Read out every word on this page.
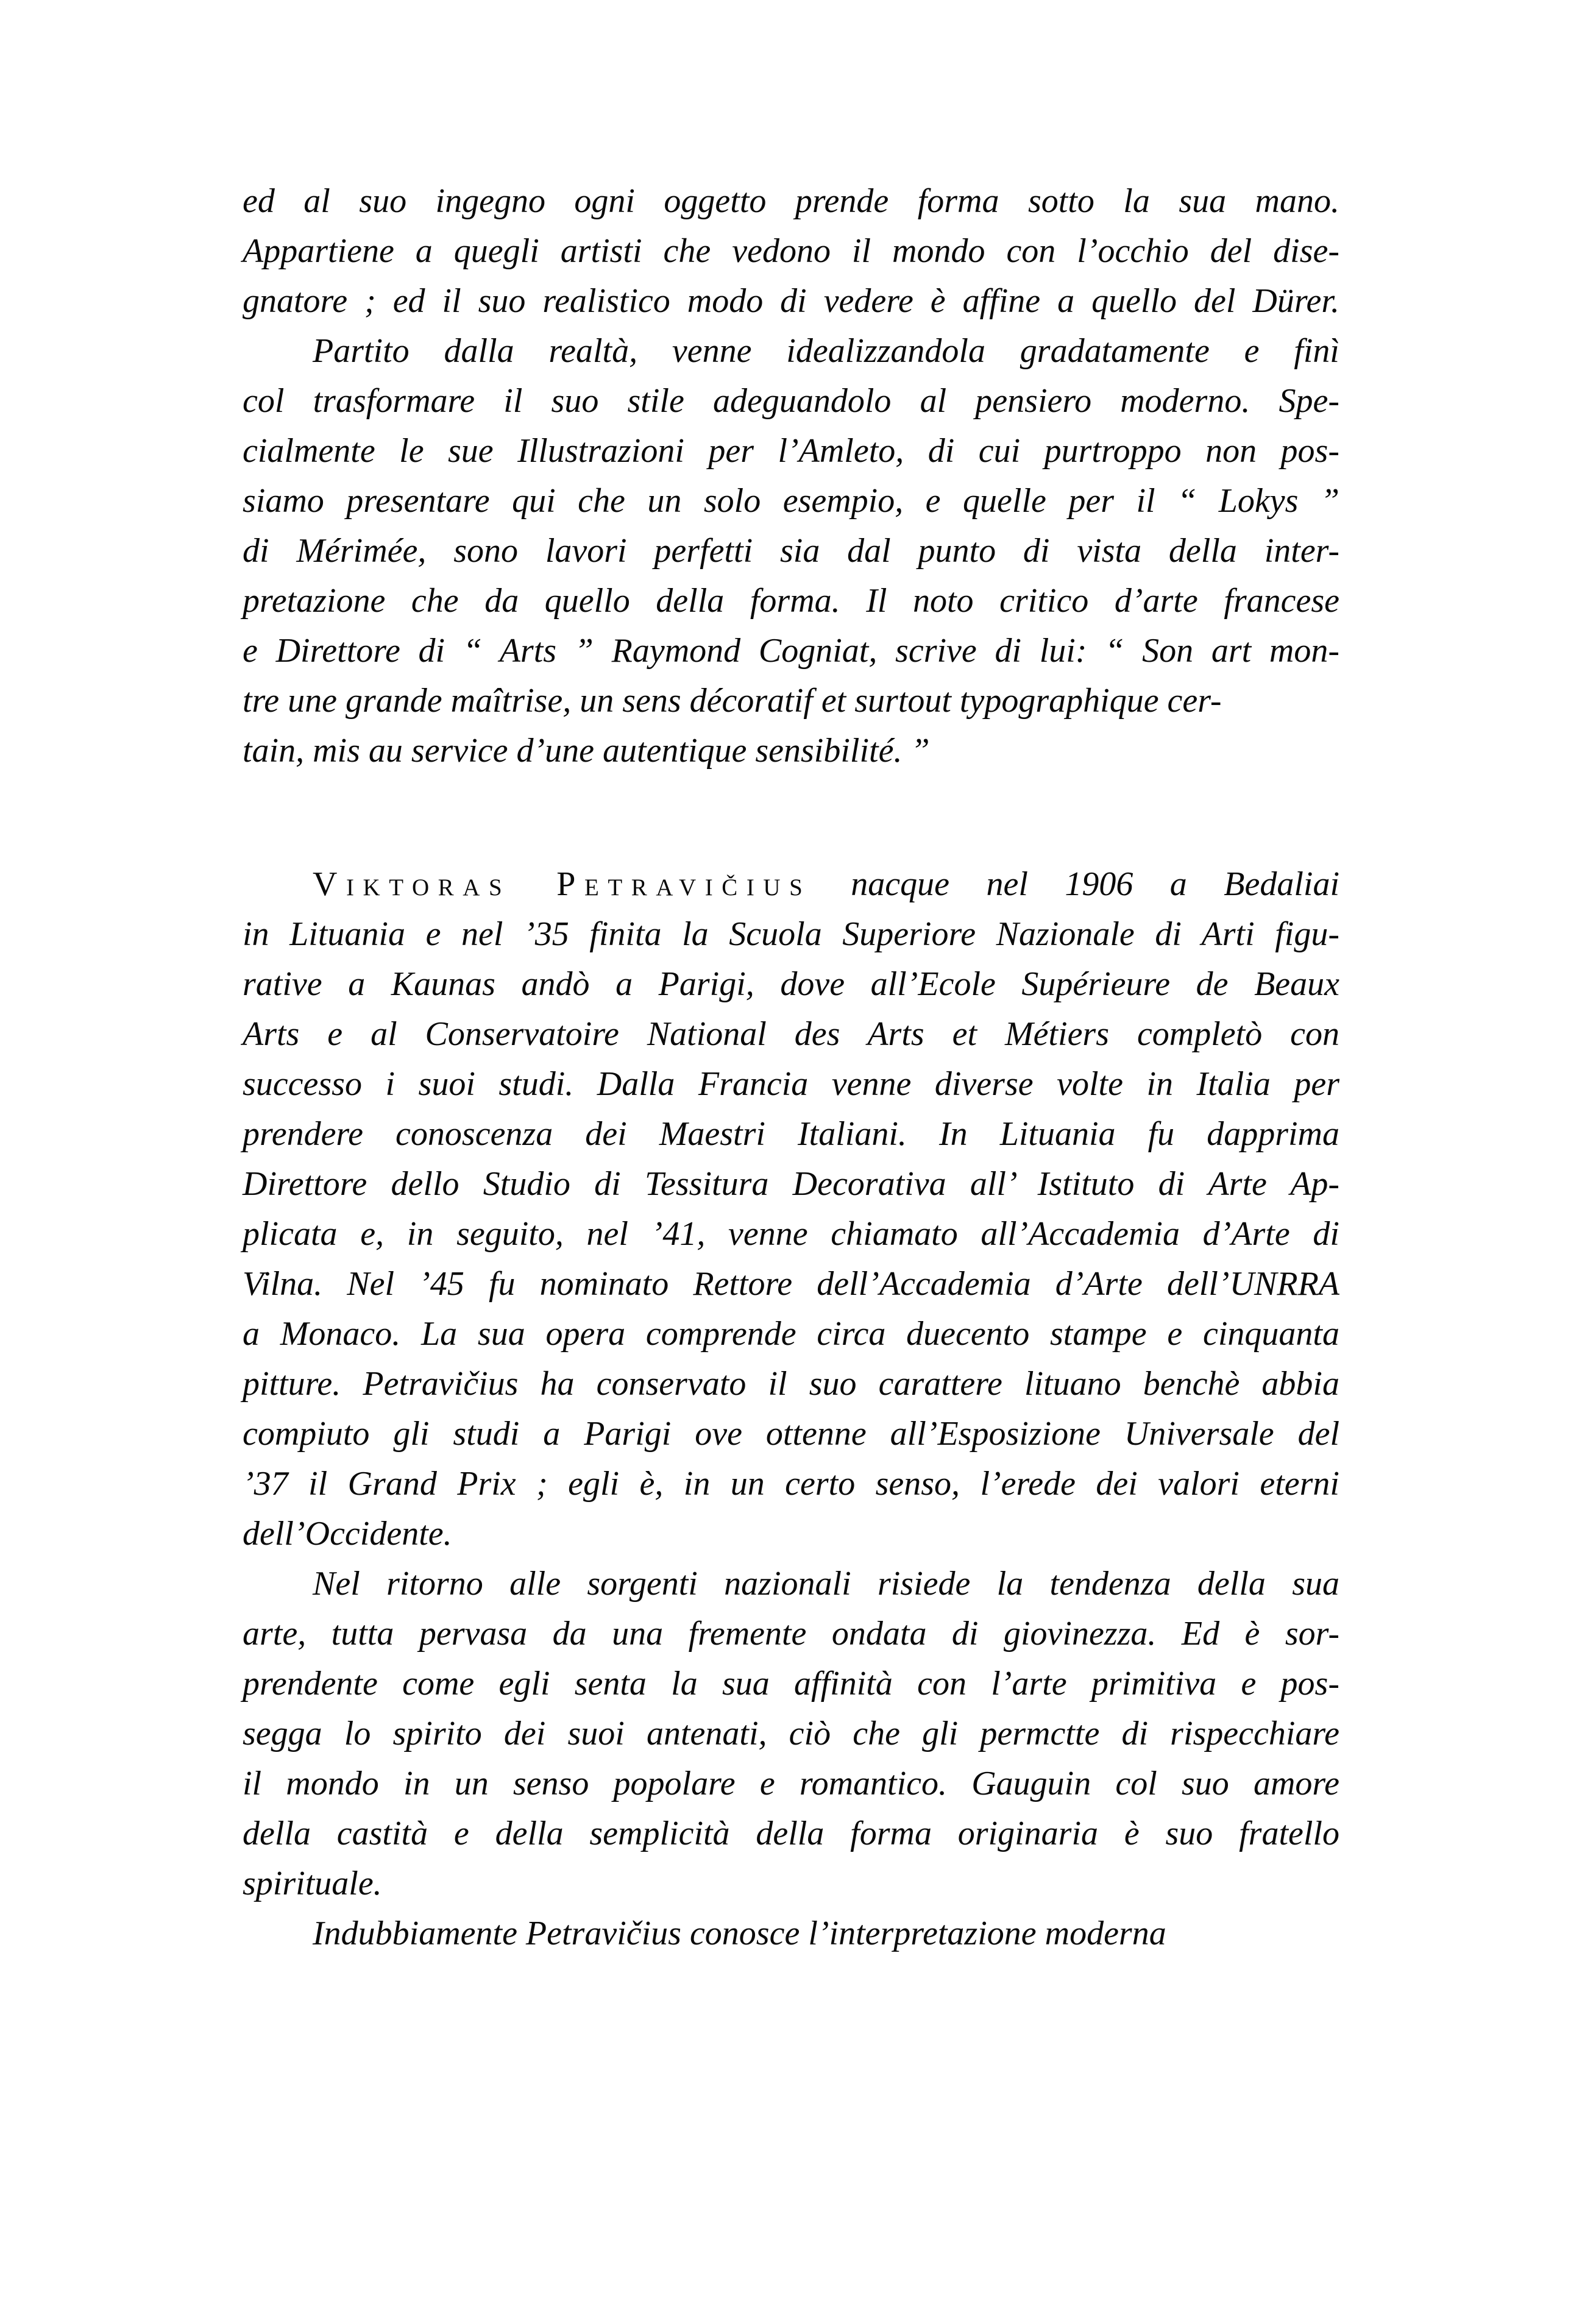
ed al suo ingegno ogni oggetto prende forma sotto la sua mano.
Appartiene a quegli artisti che vedono il mondo con l’occhio del dise-
gnatore ; ed il suo realistico modo di vedere è affine a quello del Dürer.
Partito dalla realtà, venne idealizzandola gradatamente e finì
col trasformare il suo stile adeguandolo al pensiero moderno. Spe-
cialmente le sue Illustrazioni per l’Amleto, di cui purtroppo non pos-
siamo presentare qui che un solo esempio, e quelle per il “ Lokys ”
di Mérimée, sono lavori perfetti sia dal punto di vista della inter-
pretazione che da quello della forma. Il noto critico d’arte francese
e Direttore di “ Arts ” Raymond Cogniat, scrive di lui: “ Son art mon-
tre une grande maîtrise, un sens décoratif et surtout typographique cer-
tain, mis au service d’une autentique sensibilité. ”
Viktoras Petravičius nacque nel 1906 a Bedaliai
in Lituania e nel ’35 finita la Scuola Superiore Nazionale di Arti figu-
rative a Kaunas andò a Parigi, dove all’Ecole Supérieure de Beaux
Arts e al Conservatoire National des Arts et Métiers completò con
successo i suoi studi. Dalla Francia venne diverse volte in Italia per
prendere conoscenza dei Maestri Italiani. In Lituania fu dapprima
Direttore dello Studio di Tessitura Decorativa all’ Istituto di Arte Ap-
plicata e, in seguito, nel ’41, venne chiamato all’Accademia d’Arte di
Vilna. Nel ’45 fu nominato Rettore dell’Accademia d’Arte dell’UNRRA
a Monaco. La sua opera comprende circa duecento stampe e cinquanta
pitture. Petravičius ha conservato il suo carattere lituano benchè abbia
compiuto gli studi a Parigi ove ottenne all’Esposizione Universale del
’37 il Grand Prix ; egli è, in un certo senso, l’erede dei valori eterni
dell’Occidente.
Nel ritorno alle sorgenti nazionali risiede la tendenza della sua
arte, tutta pervasa da una fremente ondata di giovinezza. Ed è sor-
prendente come egli senta la sua affinità con l’arte primitiva e pos-
segga lo spirito dei suoi antenati, ciò che gli permctte di rispecchiare
il mondo in un senso popolare e romantico. Gauguin col suo amore
della castità e della semplicità della forma originaria è suo fratello
spirituale.
Indubbiamente Petravičius conosce l’interpretazione moderna
